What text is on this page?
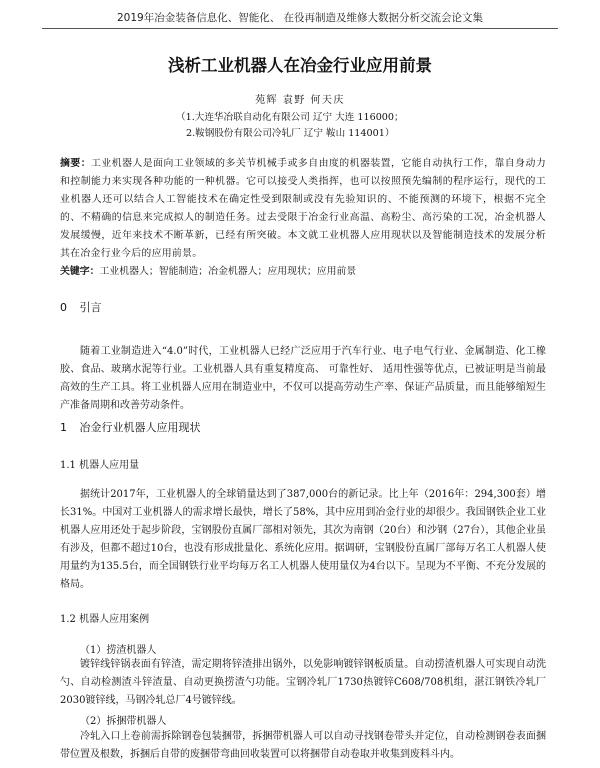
2019年冶金装备信息化、智能化、 在役再制造及维修大数据分析交流会论文集
浅析工业机器人在冶金行业应用前景
苑辉 袁野 何天庆
（1.大连华冶联自动化有限公司 辽宁 大连 116000；
2.鞍钢股份有限公司冷轧厂 辽宁 鞍山 114001）
摘要：工业机器人是面向工业领域的多关节机械手或多自由度的机器装置，它能自动执行工作，靠自身动力和控制能力来实现各种功能的一种机器。它可以接受人类指挥，也可以按照预先编制的程序运行，现代的工业机器人还可以结合人工智能技术在确定性受到限制或没有先验知识的、不能预测的环境下，根据不完全的、不精确的信息来完成拟人的制造任务。过去受限于冶金行业高温、高粉尘、高污染的工况，冶金机器人发展缓慢，近年来技术不断革新，已经有所突破。本文就工业机器人应用现状以及智能制造技术的发展分析其在冶金行业今后的应用前景。
关键字：工业机器人；智能制造；冶金机器人；应用现状；应用前景
0 引言
随着工业制造进入“4.0”时代，工业机器人已经广泛应用于汽车行业、电子电气行业、金属制造、化工橡胶、食品、玻璃水泥等行业。工业机器人具有重复精度高、 可靠性好、 适用性强等优点，已被证明是当前最高效的生产工具。将工业机器人应用在制造业中，不仅可以提高劳动生产率、保证产品质量，而且能够缩短生产准备周期和改善劳动条件。
1 冶金行业机器人应用现状
1.1 机器人应用量
据统计2017年，工业机器人的全球销量达到了387,000台的新记录。比上年（2016年：294,300套）增长31%。中国对工业机器人的需求增长最快，增长了58%，其中应用到冶金行业的却很少。我国钢铁企业工业机器人应用还处于起步阶段，宝钢股份直属厂部相对领先，其次为南钢（20台）和沙钢（27台），其他企业虽有涉及，但都不超过10台，也没有形成批量化、系统化应用。据调研，宝钢股份直属厂部每万名工人机器人使用量约为135.5台，而全国钢铁行业平均每万名工人机器人使用量仅为4台以下。呈现为不平衡、不充分发展的格局。
1.2 机器人应用案例
（1）捞渣机器人
镀锌线锌锅表面有锌渣，需定期将锌渣排出锅外，以免影响镀锌钢板质量。自动捞渣机器人可实现自动洗勺、自动检测渣斗锌渣量、自动更换捞渣勺功能。宝钢冷轧厂1730热镀锌C608/708机组，湛江钢铁冷轧厂2030镀锌线，马钢冷轧总厂4号镀锌线。
（2）拆捆带机器人
冷轧入口上卷前需拆除钢卷包装捆带，拆捆带机器人可以自动寻找钢卷带头并定位，自动检测钢卷表面捆带位置及根数，拆捆后自带的废捆带弯曲回收装置可以将捆带自动卷取并收集到废料斗内。
